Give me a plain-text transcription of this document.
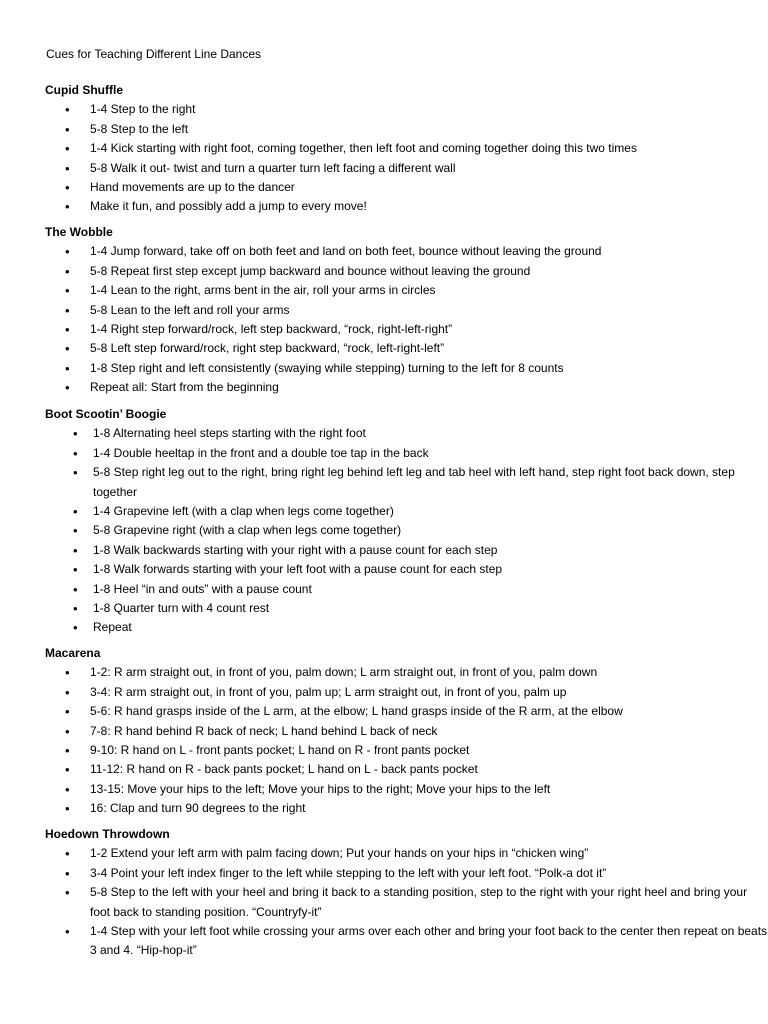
Cues for Teaching Different Line Dances
Cupid Shuffle
• 1-4 Step to the right
• 5-8 Step to the left
• 1-4 Kick starting with right foot, coming together, then left foot and coming together doing this two times
• 5-8 Walk it out- twist and turn a quarter turn left facing a different wall
• Hand movements are up to the dancer
• Make it fun, and possibly add a jump to every move!
The Wobble
• 1-4 Jump forward, take off on both feet and land on both feet, bounce without leaving the ground
• 5-8 Repeat first step except jump backward and bounce without leaving the ground
• 1-4 Lean to the right, arms bent in the air, roll your arms in circles
• 5-8 Lean to the left and roll your arms
• 1-4 Right step forward/rock, left step backward, “rock, right-left-right”
• 5-8 Left step forward/rock, right step backward, “rock, left-right-left”
• 1-8 Step right and left consistently (swaying while stepping) turning to the left for 8 counts
• Repeat all: Start from the beginning
Boot Scootin’ Boogie
• 1-8 Alternating heel steps starting with the right foot
• 1-4 Double heeltap in the front and a double toe tap in the back
• 5-8 Step right leg out to the right, bring right leg behind left leg and tab heel with left hand, step right foot back down, step together
• 1-4 Grapevine left (with a clap when legs come together)
• 5-8 Grapevine right (with a clap when legs come together)
• 1-8 Walk backwards starting with your right with a pause count for each step
• 1-8 Walk forwards starting with your left foot with a pause count for each step
• 1-8 Heel “in and outs” with a pause count
• 1-8 Quarter turn with 4 count rest
• Repeat
Macarena
• 1-2: R arm straight out, in front of you, palm down; L arm straight out, in front of you, palm down
• 3-4: R arm straight out, in front of you, palm up; L arm straight out, in front of you, palm up
• 5-6: R hand grasps inside of the L arm, at the elbow; L hand grasps inside of the R arm, at the elbow
• 7-8: R hand behind R back of neck; L hand behind L back of neck
• 9-10: R hand on L - front pants pocket; L hand on R - front pants pocket
• 11-12: R hand on R - back pants pocket; L hand on L - back pants pocket
• 13-15: Move your hips to the left; Move your hips to the right; Move your hips to the left
• 16: Clap and turn 90 degrees to the right
Hoedown Throwdown
• 1-2 Extend your left arm with palm facing down; Put your hands on your hips in “chicken wing”
• 3-4 Point your left index finger to the left while stepping to the left with your left foot. “Polk-a dot it”
• 5-8 Step to the left with your heel and bring it back to a standing position, step to the right with your right heel and bring your foot back to standing position. “Countryfy-it”
• 1-4 Step with your left foot while crossing your arms over each other and bring your foot back to the center then repeat on beats 3 and 4. “Hip-hop-it”
